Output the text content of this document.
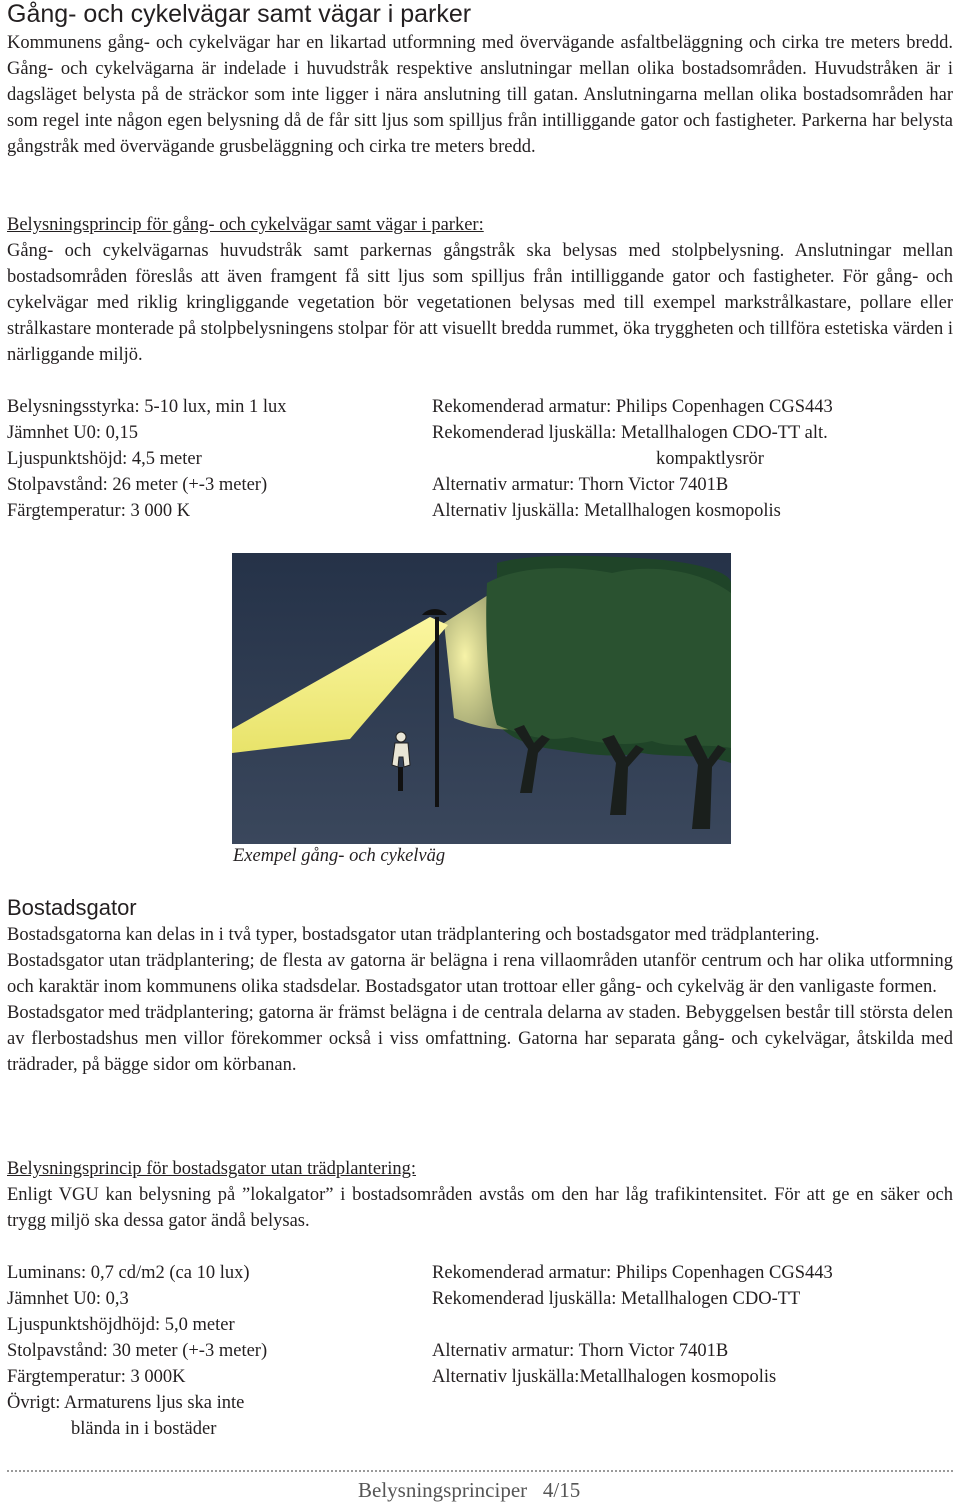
Gång- och cykelvägar samt vägar i parker

Kommunens gång- och cykelvägar har en likartad utformning med övervägande asfaltbeläggning och cirka tre meters bredd. Gång- och cykelvägarna är indelade i huvudstråk respektive anslutningar mellan olika bostadsområden. Huvudstråken är i dagsläget belysta på de sträckor som inte ligger i nära anslutning till gatan. Anslutningarna mellan olika bostadsområden har som regel inte någon egen belysning då de får sitt ljus som spilljus från intilliggande gator och fastigheter. Parkerna har belysta gångstråk med övervägande grusbeläggning och cirka tre meters bredd.

Belysningsprincip för gång- och cykelvägar samt vägar i parker:

Gång- och cykelvägarnas huvudstråk samt parkernas gångstråk ska belysas med stolpbelysning. Anslutningar mellan bostadsområden föreslås att även framgent få sitt ljus som spilljus från intilliggande gator och fastigheter. För gång- och cykelvägar med riklig kringliggande vegetation bör vegetationen belysas med till exempel markstrålkastare, pollare eller strålkastare monterade på stolpbelysningens stolpar för att visuellt bredda rummet, öka tryggheten och tillföra estetiska värden i närliggande miljö.

Belysningsstyrka: 5-10 lux, min 1 lux
Jämnhet U0: 0,15
Ljuspunktshöjd: 4,5 meter
Stolpavstånd: 26 meter (+-3 meter)
Färgtemperatur: 3 000 K
Rekomenderad armatur: Philips Copenhagen CGS443
Rekomenderad ljuskälla: Metallhalogen CDO-TT alt.
kompaktlysrör
Alternativ armatur: Thorn Victor 7401B
Alternativ ljuskälla: Metallhalogen kosmopolis
Exempel gång- och cykelväg
Bostadsgator

Bostadsgatorna kan delas in i två typer, bostadsgator utan trädplantering och bostadsgator med trädplantering.

Bostadsgator utan trädplantering; de flesta av gatorna är belägna i rena villaområden utanför centrum och har olika utformning och karaktär inom kommunens olika stadsdelar. Bostadsgator utan trottoar eller gång- och cykelväg är den vanligaste formen.

Bostadsgator med trädplantering; gatorna är främst belägna i de centrala delarna av staden. Bebyggelsen består till största delen av flerbostadshus men villor förekommer också i viss omfattning. Gatorna har separata gång- och cykelvägar, åtskilda med trädrader, på bägge sidor om körbanan.

Belysningsprincip för bostadsgator utan trädplantering:

Enligt VGU kan belysning på ”lokalgator” i bostadsområden avstås om den har låg trafikintensitet. För att ge en säker och trygg miljö ska dessa gator ändå belysas.

Luminans: 0,7 cd/m2 (ca 10 lux)
Jämnhet U0: 0,3
Ljuspunktshöjdhöjd: 5,0 meter
Stolpavstånd: 30 meter (+-3 meter)
Färgtemperatur: 3 000K
Övrigt: Armaturens ljus ska inte
blända in i bostäder
Rekomenderad armatur: Philips Copenhagen CGS443
Rekomenderad ljuskälla: Metallhalogen CDO-TT
Alternativ armatur: Thorn Victor 7401B
Alternativ ljuskälla:Metallhalogen kosmopolis
Belysningsprinciper 4/15
